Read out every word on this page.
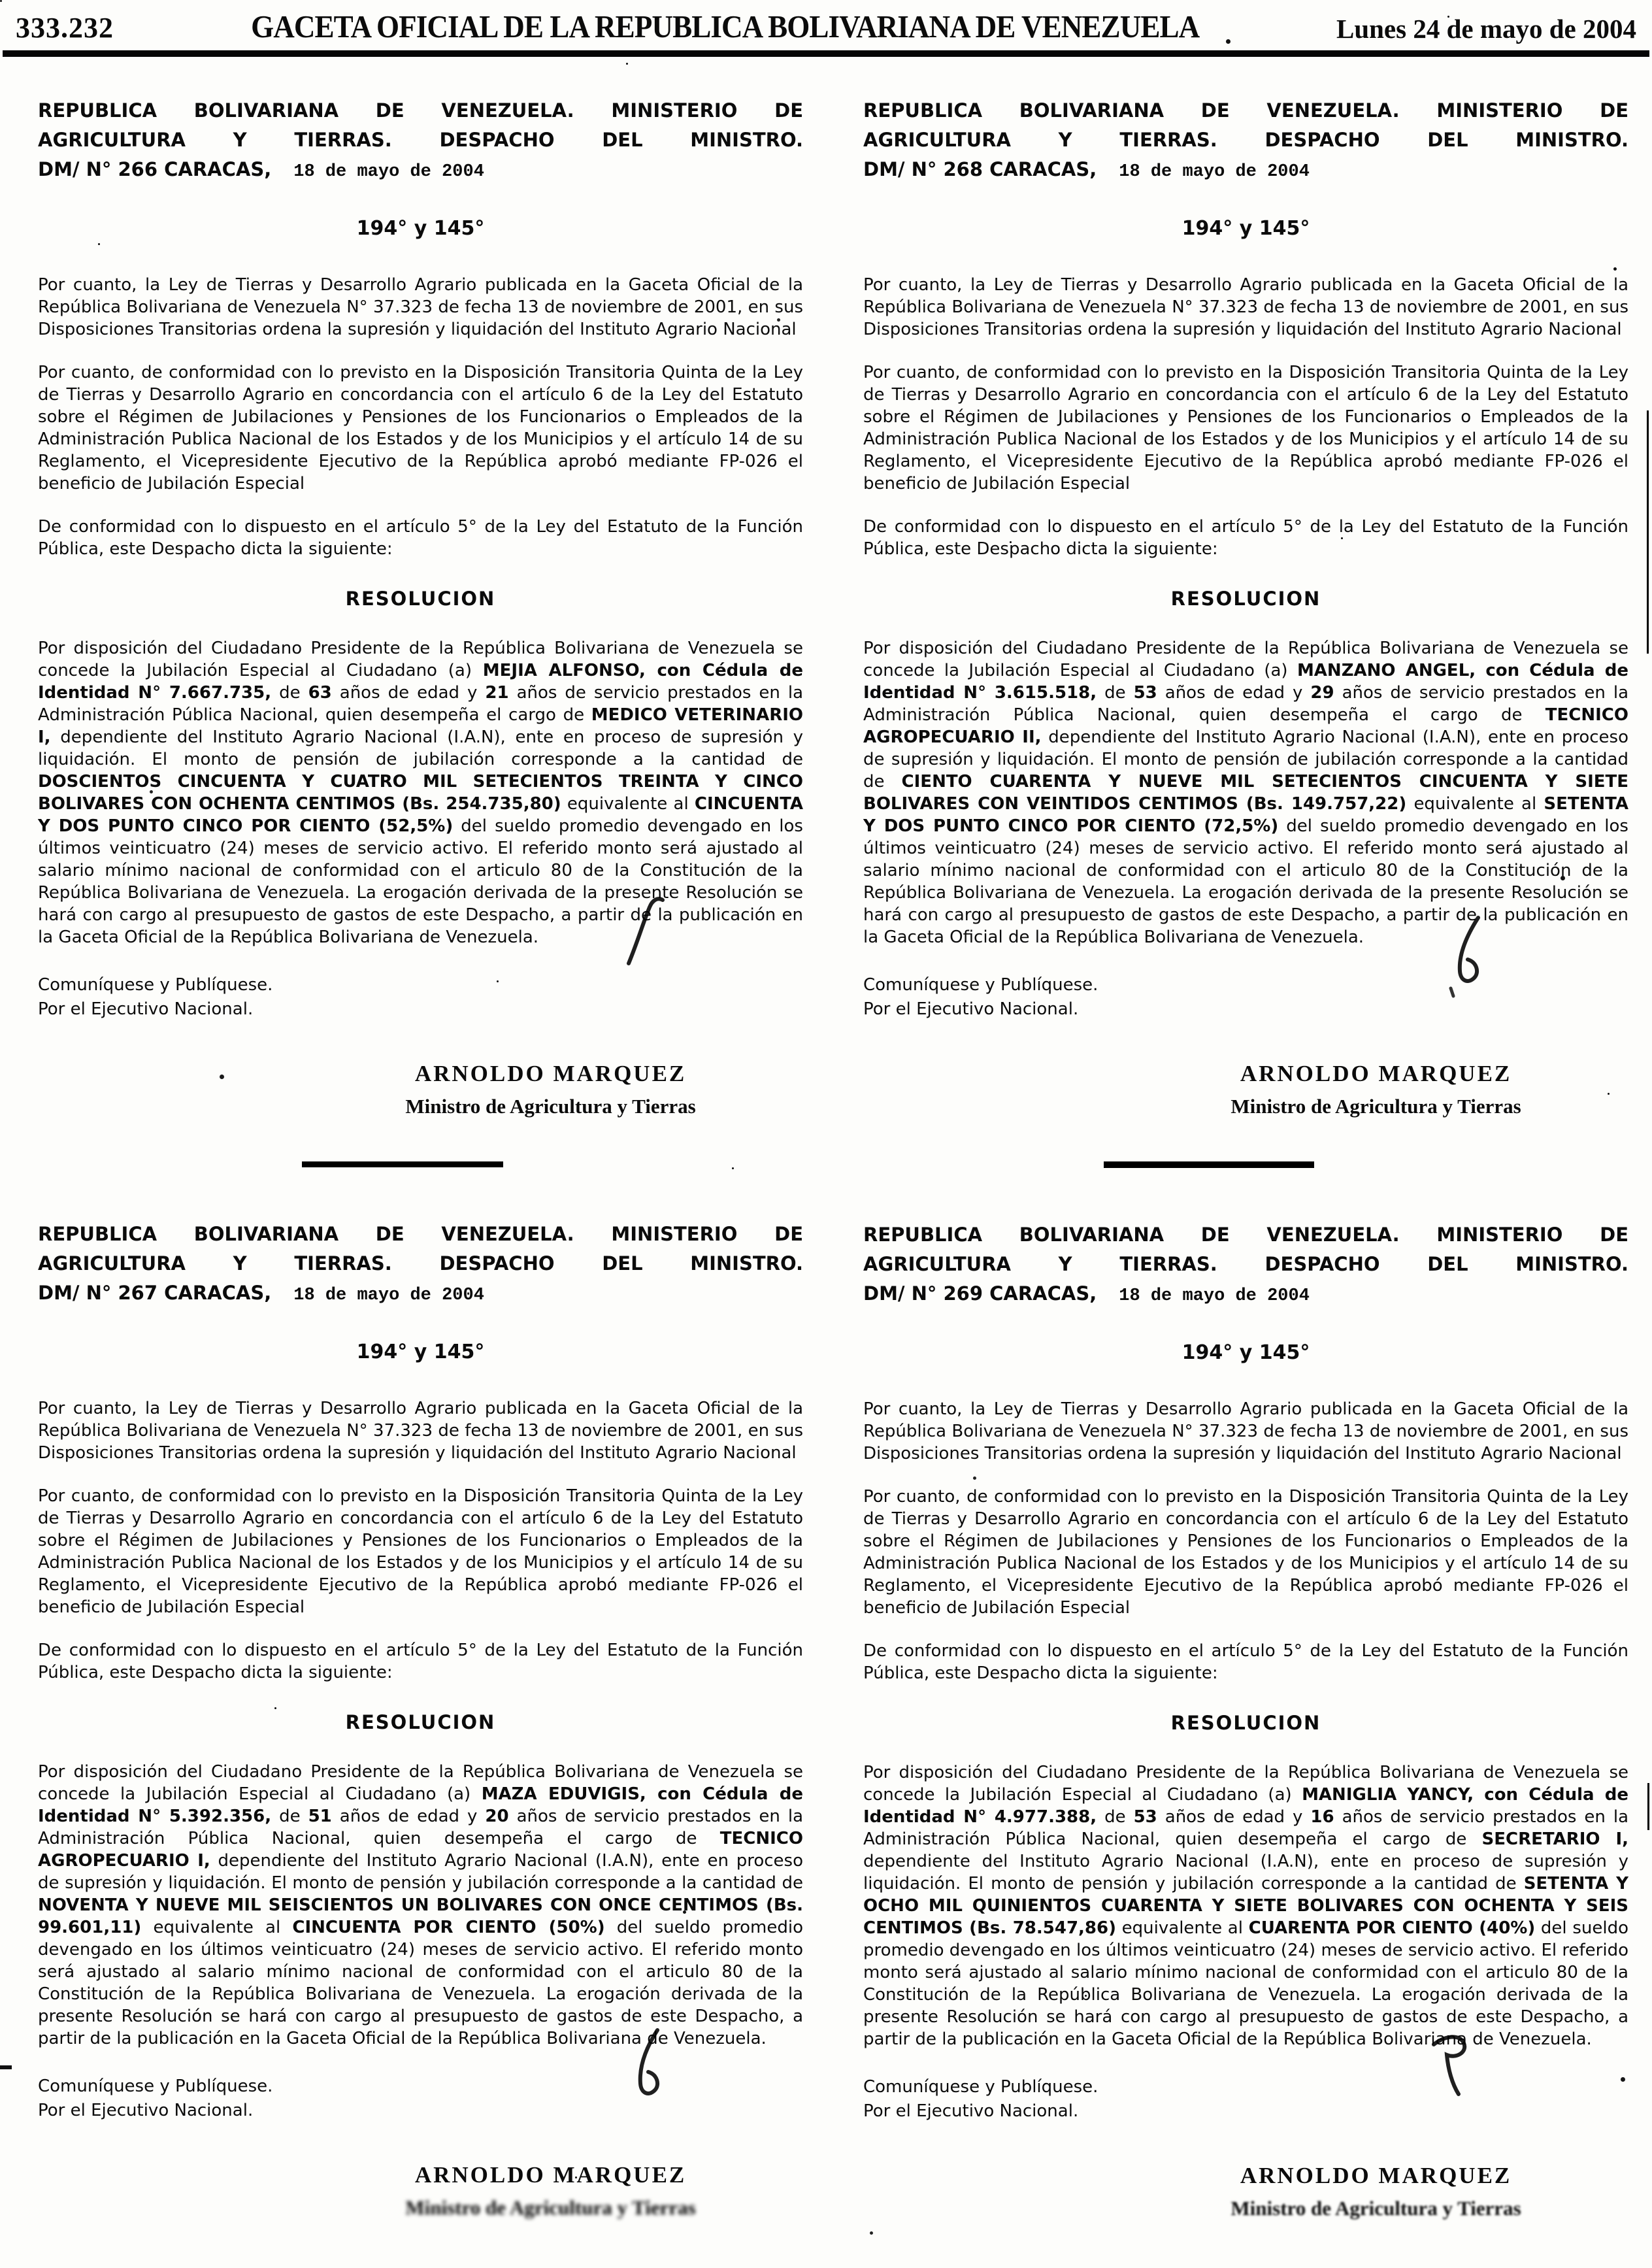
333.232	GACETA OFICIAL DE LA REPUBLICA BOLIVARIANA DE VENEZUELA	Lunes 24 de mayo de 2004

REPUBLICA BOLIVARIANA DE VENEZUELA. MINISTERIO DE AGRICULTURA Y TIERRAS. DESPACHO DEL MINISTRO. DM/ N° 266 CARACAS, 18 de mayo de 2004

194° y 145°

Por cuanto, la Ley de Tierras y Desarrollo Agrario publicada en la Gaceta Oficial de la República Bolivariana de Venezuela N° 37.323 de fecha 13 de noviembre de 2001, en sus Disposiciones Transitorias ordena la supresión y liquidación del Instituto Agrario Nacional

Por cuanto, de conformidad con lo previsto en la Disposición Transitoria Quinta de la Ley de Tierras y Desarrollo Agrario en concordancia con el artículo 6 de la Ley del Estatuto sobre el Régimen de Jubilaciones y Pensiones de los Funcionarios o Empleados de la Administración Publica Nacional de los Estados y de los Municipios y el artículo 14 de su Reglamento, el Vicepresidente Ejecutivo de la República aprobó mediante FP-026 el beneficio de Jubilación Especial

De conformidad con lo dispuesto en el artículo 5° de la Ley del Estatuto de la Función Pública, este Despacho dicta la siguiente:

RESOLUCION

Por disposición del Ciudadano Presidente de la República Bolivariana de Venezuela se concede la Jubilación Especial al Ciudadano (a) MEJIA ALFONSO, con Cédula de Identidad N° 7.667.735, de 63 años de edad y 21 años de servicio prestados en la Administración Pública Nacional, quien desempeña el cargo de MEDICO VETERINARIO I, dependiente del Instituto Agrario Nacional (I.A.N), ente en proceso de supresión y liquidación. El monto de pensión de jubilación corresponde a la cantidad de DOSCIENTOS CINCUENTA Y CUATRO MIL SETECIENTOS TREINTA Y CINCO BOLIVARES CON OCHENTA CENTIMOS (Bs. 254.735,80) equivalente al CINCUENTA Y DOS PUNTO CINCO POR CIENTO (52,5%) del sueldo promedio devengado en los últimos veinticuatro (24) meses de servicio activo. El referido monto será ajustado al salario mínimo nacional de conformidad con el articulo 80 de la Constitución de la República Bolivariana de Venezuela. La erogación derivada de la presente Resolución se hará con cargo al presupuesto de gastos de este Despacho, a partir de la publicación en la Gaceta Oficial de la República Bolivariana de Venezuela.

Comuníquese y Publíquese.
Por el Ejecutivo Nacional.

ARNOLDO MARQUEZ
Ministro de Agricultura y Tierras

REPUBLICA BOLIVARIANA DE VENEZUELA. MINISTERIO DE AGRICULTURA Y TIERRAS. DESPACHO DEL MINISTRO. DM/ N° 267 CARACAS, 18 de mayo de 2004

194° y 145°

Por cuanto, la Ley de Tierras y Desarrollo Agrario publicada en la Gaceta Oficial de la República Bolivariana de Venezuela N° 37.323 de fecha 13 de noviembre de 2001, en sus Disposiciones Transitorias ordena la supresión y liquidación del Instituto Agrario Nacional

Por cuanto, de conformidad con lo previsto en la Disposición Transitoria Quinta de la Ley de Tierras y Desarrollo Agrario en concordancia con el artículo 6 de la Ley del Estatuto sobre el Régimen de Jubilaciones y Pensiones de los Funcionarios o Empleados de la Administración Publica Nacional de los Estados y de los Municipios y el artículo 14 de su Reglamento, el Vicepresidente Ejecutivo de la República aprobó mediante FP-026 el beneficio de Jubilación Especial

De conformidad con lo dispuesto en el artículo 5° de la Ley del Estatuto de la Función Pública, este Despacho dicta la siguiente:

RESOLUCION

Por disposición del Ciudadano Presidente de la República Bolivariana de Venezuela se concede la Jubilación Especial al Ciudadano (a) MAZA EDUVIGIS, con Cédula de Identidad N° 5.392.356, de 51 años de edad y 20 años de servicio prestados en la Administración Pública Nacional, quien desempeña el cargo de TECNICO AGROPECUARIO I, dependiente del Instituto Agrario Nacional (I.A.N), ente en proceso de supresión y liquidación. El monto de pensión y jubilación corresponde a la cantidad de NOVENTA Y NUEVE MIL SEISCIENTOS UN BOLIVARES CON ONCE CENTIMOS (Bs. 99.601,11) equivalente al CINCUENTA POR CIENTO (50%) del sueldo promedio devengado en los últimos veinticuatro (24) meses de servicio activo. El referido monto será ajustado al salario mínimo nacional de conformidad con el articulo 80 de la Constitución de la República Bolivariana de Venezuela. La erogación derivada de la presente Resolución se hará con cargo al presupuesto de gastos de este Despacho, a partir de la publicación en la Gaceta Oficial de la República Bolivariana de Venezuela.

Comuníquese y Publíquese.
Por el Ejecutivo Nacional.

ARNOLDO MARQUEZ
Ministro de Agricultura y Tierras

REPUBLICA BOLIVARIANA DE VENEZUELA. MINISTERIO DE AGRICULTURA Y TIERRAS. DESPACHO DEL MINISTRO. DM/ N° 268 CARACAS, 18 de mayo de 2004

194° y 145°

Por cuanto, la Ley de Tierras y Desarrollo Agrario publicada en la Gaceta Oficial de la República Bolivariana de Venezuela N° 37.323 de fecha 13 de noviembre de 2001, en sus Disposiciones Transitorias ordena la supresión y liquidación del Instituto Agrario Nacional

Por cuanto, de conformidad con lo previsto en la Disposición Transitoria Quinta de la Ley de Tierras y Desarrollo Agrario en concordancia con el artículo 6 de la Ley del Estatuto sobre el Régimen de Jubilaciones y Pensiones de los Funcionarios o Empleados de la Administración Publica Nacional de los Estados y de los Municipios y el artículo 14 de su Reglamento, el Vicepresidente Ejecutivo de la República aprobó mediante FP-026 el beneficio de Jubilación Especial

De conformidad con lo dispuesto en el artículo 5° de la Ley del Estatuto de la Función Pública, este Despacho dicta la siguiente:

RESOLUCION

Por disposición del Ciudadano Presidente de la República Bolivariana de Venezuela se concede la Jubilación Especial al Ciudadano (a) MANZANO ANGEL, con Cédula de Identidad N° 3.615.518, de 53 años de edad y 29 años de servicio prestados en la Administración Pública Nacional, quien desempeña el cargo de TECNICO AGROPECUARIO II, dependiente del Instituto Agrario Nacional (I.A.N), ente en proceso de supresión y liquidación. El monto de pensión de jubilación corresponde a la cantidad de CIENTO CUARENTA Y NUEVE MIL SETECIENTOS CINCUENTA Y SIETE BOLIVARES CON VEINTIDOS CENTIMOS (Bs. 149.757,22) equivalente al SETENTA Y DOS PUNTO CINCO POR CIENTO (72,5%) del sueldo promedio devengado en los últimos veinticuatro (24) meses de servicio activo. El referido monto será ajustado al salario mínimo nacional de conformidad con el articulo 80 de la Constitución de la República Bolivariana de Venezuela. La erogación derivada de la presente Resolución se hará con cargo al presupuesto de gastos de este Despacho, a partir de la publicación en la Gaceta Oficial de la República Bolivariana de Venezuela.

Comuníquese y Publíquese.
Por el Ejecutivo Nacional.

ARNOLDO MARQUEZ
Ministro de Agricultura y Tierras

REPUBLICA BOLIVARIANA DE VENEZUELA. MINISTERIO DE AGRICULTURA Y TIERRAS. DESPACHO DEL MINISTRO. DM/ N° 269 CARACAS, 18 de mayo de 2004

194° y 145°

Por cuanto, la Ley de Tierras y Desarrollo Agrario publicada en la Gaceta Oficial de la República Bolivariana de Venezuela N° 37.323 de fecha 13 de noviembre de 2001, en sus Disposiciones Transitorias ordena la supresión y liquidación del Instituto Agrario Nacional

Por cuanto, de conformidad con lo previsto en la Disposición Transitoria Quinta de la Ley de Tierras y Desarrollo Agrario en concordancia con el artículo 6 de la Ley del Estatuto sobre el Régimen de Jubilaciones y Pensiones de los Funcionarios o Empleados de la Administración Publica Nacional de los Estados y de los Municipios y el artículo 14 de su Reglamento, el Vicepresidente Ejecutivo de la República aprobó mediante FP-026 el beneficio de Jubilación Especial

De conformidad con lo dispuesto en el artículo 5° de la Ley del Estatuto de la Función Pública, este Despacho dicta la siguiente:

RESOLUCION

Por disposición del Ciudadano Presidente de la República Bolivariana de Venezuela se concede la Jubilación Especial al Ciudadano (a) MANIGLIA YANCY, con Cédula de Identidad N° 4.977.388, de 53 años de edad y 16 años de servicio prestados en la Administración Pública Nacional, quien desempeña el cargo de SECRETARIO I, dependiente del Instituto Agrario Nacional (I.A.N), ente en proceso de supresión y liquidación. El monto de pensión y jubilación corresponde a la cantidad de SETENTA Y OCHO MIL QUINIENTOS CUARENTA Y SIETE BOLIVARES CON OCHENTA Y SEIS CENTIMOS (Bs. 78.547,86) equivalente al CUARENTA POR CIENTO (40%) del sueldo promedio devengado en los últimos veinticuatro (24) meses de servicio activo. El referido monto será ajustado al salario mínimo nacional de conformidad con el articulo 80 de la Constitución de la República Bolivariana de Venezuela. La erogación derivada de la presente Resolución se hará con cargo al presupuesto de gastos de este Despacho, a partir de la publicación en la Gaceta Oficial de la República Bolivariana de Venezuela.

Comuníquese y Publíquese.
Por el Ejecutivo Nacional.

ARNOLDO MARQUEZ
Ministro de Agricultura y Tierras
